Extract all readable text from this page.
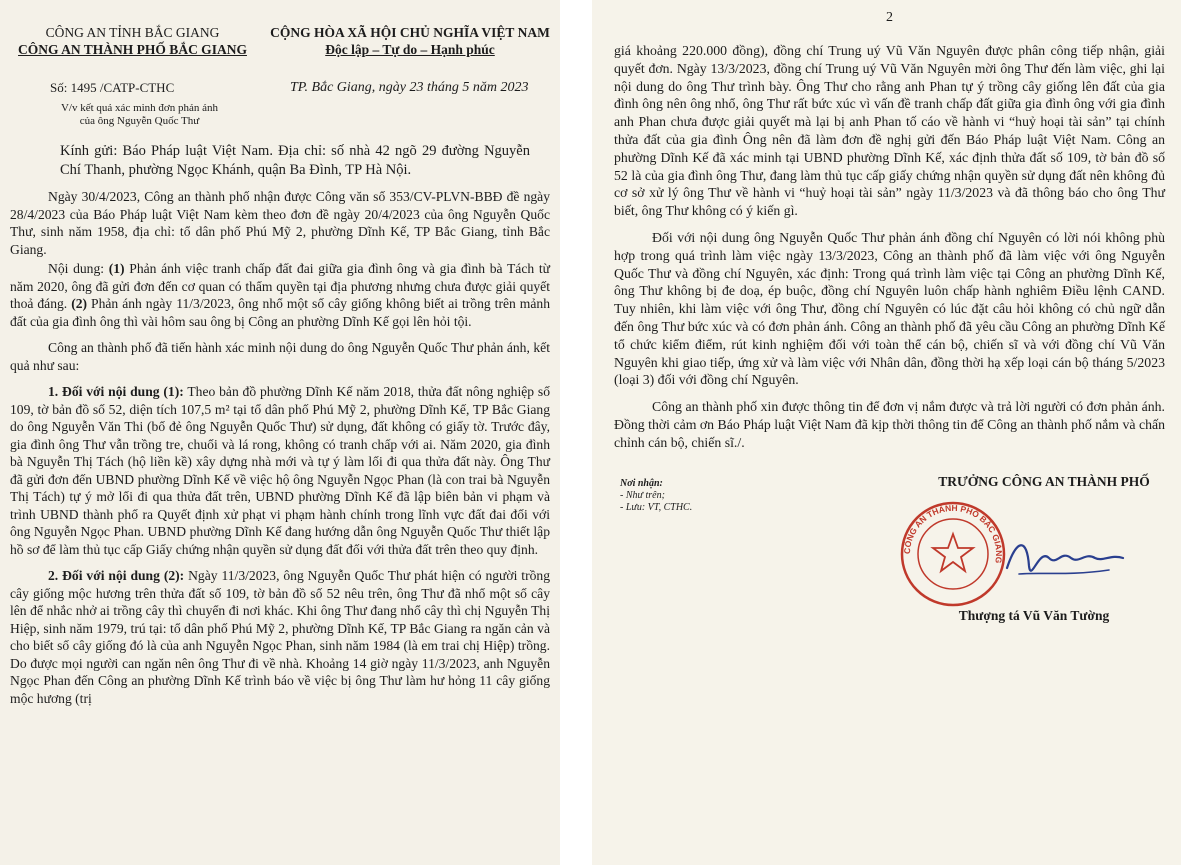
CÔNG AN TỈNH BẮC GIANG
CÔNG AN THÀNH PHỐ BẮC GIANG
CỘNG HÒA XÃ HỘI CHỦ NGHĨA VIỆT NAM
Độc lập – Tự do – Hạnh phúc
Số: 1495 /CATP-CTHC
V/v kết quả xác minh đơn phản ánh
của ông Nguyễn Quốc Thư
TP. Bắc Giang, ngày 23 tháng 5 năm 2023
Kính gửi: Báo Pháp luật Việt Nam. Địa chỉ: số nhà 42 ngõ 29 đường Nguyễn Chí Thanh, phường Ngọc Khánh, quận Ba Đình, TP Hà Nội.

Ngày 30/4/2023, Công an thành phố nhận được Công văn số 353/CV-PLVN-BBĐ đề ngày 28/4/2023 của Báo Pháp luật Việt Nam kèm theo đơn đề ngày 20/4/2023 của ông Nguyễn Quốc Thư, sinh năm 1958, địa chỉ: tổ dân phố Phú Mỹ 2, phường Dĩnh Kế, TP Bắc Giang, tỉnh Bắc Giang.

Nội dung: (1) Phản ánh việc tranh chấp đất đai giữa gia đình ông và gia đình bà Tách từ năm 2020, ông đã gửi đơn đến cơ quan có thẩm quyền tại địa phương nhưng chưa được giải quyết thoả đáng. (2) Phản ánh ngày 11/3/2023, ông nhổ một số cây giống không biết ai trồng trên mảnh đất của gia đình ông thì vài hôm sau ông bị Công an phường Dĩnh Kế gọi lên hỏi tội.

Công an thành phố đã tiến hành xác minh nội dung do ông Nguyễn Quốc Thư phản ánh, kết quả như sau:

1. Đối với nội dung (1): Theo bản đồ phường Dĩnh Kế năm 2018, thửa đất nông nghiệp số 109, tờ bản đồ số 52, diện tích 107,5 m² tại tổ dân phố Phú Mỹ 2, phường Dĩnh Kế, TP Bắc Giang do ông Nguyễn Văn Thi (bố đẻ ông Nguyễn Quốc Thư) sử dụng, đất không có giấy tờ. Trước đây, gia đình ông Thư vẫn trồng tre, chuối và lá rong, không có tranh chấp với ai. Năm 2020, gia đình bà Nguyễn Thị Tách (hộ liền kề) xây dựng nhà mới và tự ý làm lối đi qua thửa đất này. Ông Thư đã gửi đơn đến UBND phường Dĩnh Kế về việc hộ ông Nguyễn Ngọc Phan (là con trai bà Nguyễn Thị Tách) tự ý mở lối đi qua thửa đất trên, UBND phường Dĩnh Kế đã lập biên bản vi phạm và trình UBND thành phố ra Quyết định xử phạt vi phạm hành chính trong lĩnh vực đất đai đối với ông Nguyễn Ngọc Phan. UBND phường Dĩnh Kế đang hướng dẫn ông Nguyễn Quốc Thư thiết lập hồ sơ để làm thủ tục cấp Giấy chứng nhận quyền sử dụng đất đối với thửa đất trên theo quy định.

2. Đối với nội dung (2): Ngày 11/3/2023, ông Nguyễn Quốc Thư phát hiện có người trồng cây giống mộc hương trên thửa đất số 109, tờ bản đồ số 52 nêu trên, ông Thư đã nhổ một số cây lên để nhắc nhở ai trồng cây thì chuyển đi nơi khác. Khi ông Thư đang nhổ cây thì chị Nguyễn Thị Hiệp, sinh năm 1979, trú tại: tổ dân phố Phú Mỹ 2, phường Dĩnh Kế, TP Bắc Giang ra ngăn cản và cho biết số cây giống đó là của anh Nguyễn Ngọc Phan, sinh năm 1984 (là em trai chị Hiệp) trồng. Do được mọi người can ngăn nên ông Thư đi về nhà. Khoảng 14 giờ ngày 11/3/2023, anh Nguyễn Ngọc Phan đến Công an phường Dĩnh Kế trình báo về việc bị ông Thư làm hư hỏng 11 cây giống mộc hương (trị

2

giá khoảng 220.000 đồng), đồng chí Trung uý Vũ Văn Nguyên được phân công tiếp nhận, giải quyết đơn. Ngày 13/3/2023, đồng chí Trung uý Vũ Văn Nguyên mời ông Thư đến làm việc, ghi lại nội dung do ông Thư trình bày. Ông Thư cho rằng anh Phan tự ý trồng cây giống lên đất của gia đình ông nên ông nhổ, ông Thư rất bức xúc vì vấn đề tranh chấp đất giữa gia đình ông với gia đình anh Phan chưa được giải quyết mà lại bị anh Phan tố cáo về hành vi “huỷ hoại tài sản” tại chính thửa đất của gia đình Ông nên đã làm đơn đề nghị gửi đến Báo Pháp luật Việt Nam. Công an phường Dĩnh Kế đã xác minh tại UBND phường Dĩnh Kế, xác định thửa đất số 109, tờ bản đồ số 52 là của gia đình ông Thư, đang làm thủ tục cấp giấy chứng nhận quyền sử dụng đất nên không đủ cơ sở xử lý ông Thư về hành vi “huỷ hoại tài sản” ngày 11/3/2023 và đã thông báo cho ông Thư biết, ông Thư không có ý kiến gì.

Đối với nội dung ông Nguyễn Quốc Thư phản ánh đồng chí Nguyên có lời nói không phù hợp trong quá trình làm việc ngày 13/3/2023, Công an thành phố đã làm việc với ông Nguyễn Quốc Thư và đồng chí Nguyên, xác định: Trong quá trình làm việc tại Công an phường Dĩnh Kế, ông Thư không bị đe doạ, ép buộc, đồng chí Nguyên luôn chấp hành nghiêm Điều lệnh CAND. Tuy nhiên, khi làm việc với ông Thư, đồng chí Nguyên có lúc đặt câu hỏi không có chủ ngữ dẫn đến ông Thư bức xúc và có đơn phản ánh. Công an thành phố đã yêu cầu Công an phường Dĩnh Kế tổ chức kiểm điểm, rút kinh nghiệm đối với toàn thể cán bộ, chiến sĩ và với đồng chí Vũ Văn Nguyên khi giao tiếp, ứng xử và làm việc với Nhân dân, đồng thời hạ xếp loại cán bộ tháng 5/2023 (loại 3) đối với đồng chí Nguyên.

Công an thành phố xin được thông tin để đơn vị nắm được và trả lời người có đơn phản ánh. Đồng thời cảm ơn Báo Pháp luật Việt Nam đã kịp thời thông tin để Công an thành phố nắm và chấn chỉnh cán bộ, chiến sĩ./.

Nơi nhận:
- Như trên;
- Lưu: VT, CTHC.
TRƯỞNG CÔNG AN THÀNH PHỐ
CÔNG AN THÀNH PHỐ BẮC GIANG
Thượng tá Vũ Văn Tường
